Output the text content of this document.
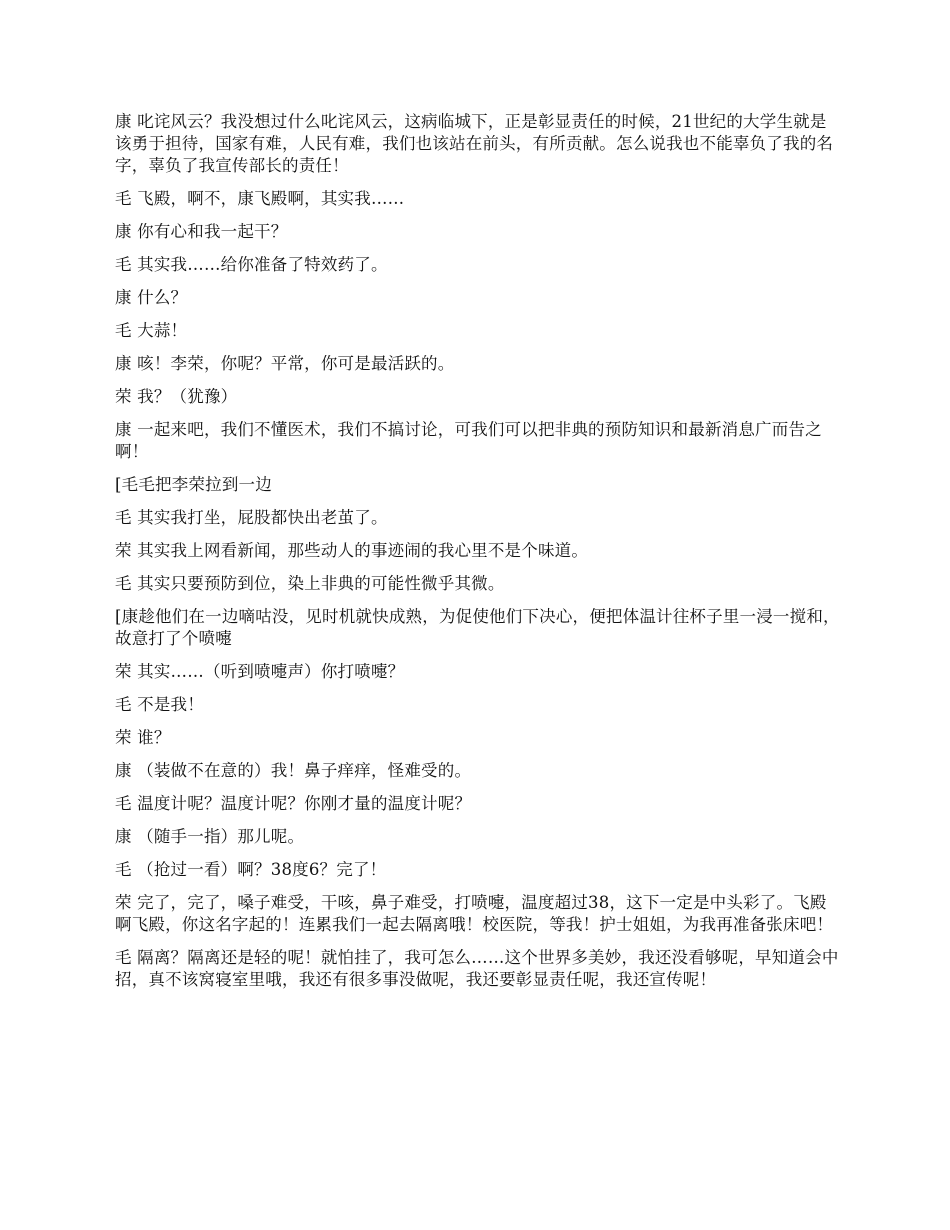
康 叱诧风云？我没想过什么叱诧风云，这病临城下，正是彰显责任的时候，21世纪的大学生就是该勇于担待，国家有难，人民有难，我们也该站在前头，有所贡献。怎么说我也不能辜负了我的名字，辜负了我宣传部长的责任！

毛 飞殿，啊不，康飞殿啊，其实我……

康 你有心和我一起干？

毛 其实我……给你准备了特效药了。

康 什么？

毛 大蒜！

康 咳！李荣，你呢？平常，你可是最活跃的。

荣 我？（犹豫）

康 一起来吧，我们不懂医术，我们不搞讨论，可我们可以把非典的预防知识和最新消息广而告之啊！

[毛毛把李荣拉到一边

毛 其实我打坐，屁股都快出老茧了。

荣 其实我上网看新闻，那些动人的事迹闹的我心里不是个味道。

毛 其实只要预防到位，染上非典的可能性微乎其微。

[康趁他们在一边嘀咕没，见时机就快成熟，为促使他们下决心，便把体温计往杯子里一浸一搅和，故意打了个喷嚏

荣 其实……（听到喷嚏声）你打喷嚏？

毛 不是我！

荣 谁？

康 （装做不在意的）我！鼻子痒痒，怪难受的。

毛 温度计呢？温度计呢？你刚才量的温度计呢？

康 （随手一指）那儿呢。

毛 （抢过一看）啊？38度6？完了！

荣 完了，完了，嗓子难受，干咳，鼻子难受，打喷嚏，温度超过38，这下一定是中头彩了。飞殿啊飞殿，你这名字起的！连累我们一起去隔离哦！校医院，等我！护士姐姐，为我再准备张床吧！

毛 隔离？隔离还是轻的呢！就怕挂了，我可怎么……这个世界多美妙，我还没看够呢，早知道会中招，真不该窝寝室里哦，我还有很多事没做呢，我还要彰显责任呢，我还宣传呢！
